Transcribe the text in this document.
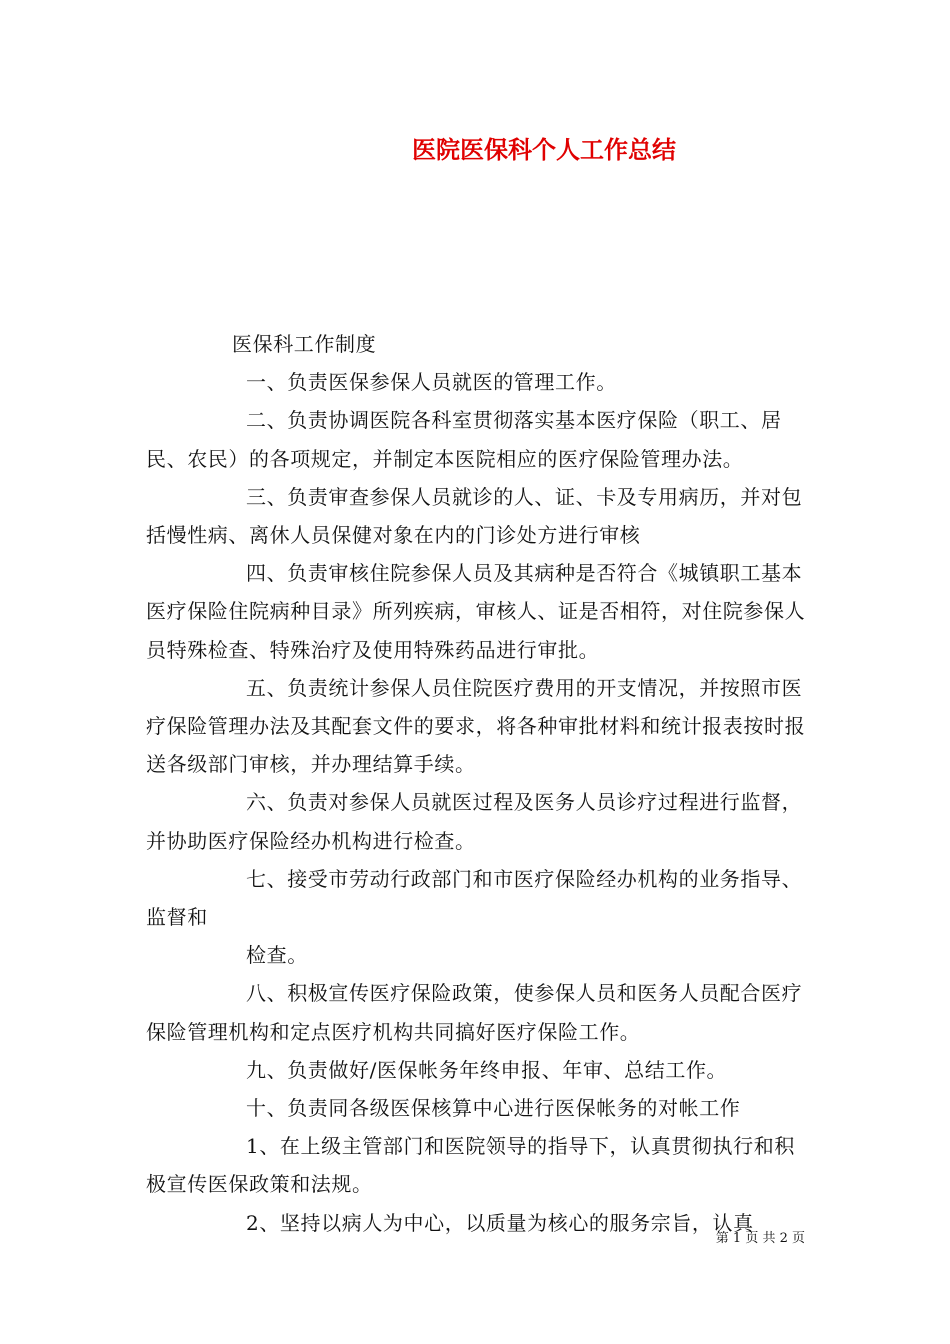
医院医保科个人工作总结

医保科工作制度

一、负责医保参保人员就医的管理工作。

二、负责协调医院各科室贯彻落实基本医疗保险（职工、居民、农民）的各项规定，并制定本医院相应的医疗保险管理办法。

三、负责审查参保人员就诊的人、证、卡及专用病历，并对包括慢性病、离休人员保健对象在内的门诊处方进行审核

四、负责审核住院参保人员及其病种是否符合《城镇职工基本医疗保险住院病种目录》所列疾病，审核人、证是否相符，对住院参保人员特殊检查、特殊治疗及使用特殊药品进行审批。

五、负责统计参保人员住院医疗费用的开支情况，并按照市医疗保险管理办法及其配套文件的要求，将各种审批材料和统计报表按时报送各级部门审核，并办理结算手续。

六、负责对参保人员就医过程及医务人员诊疗过程进行监督，并协助医疗保险经办机构进行检查。

七、接受市劳动行政部门和市医疗保险经办机构的业务指导、监督和

检查。

八、积极宣传医疗保险政策，使参保人员和医务人员配合医疗保险管理机构和定点医疗机构共同搞好医疗保险工作。

九、负责做好/医保帐务年终申报、年审、总结工作。

十、负责同各级医保核算中心进行医保帐务的对帐工作

1、在上级主管部门和医院领导的指导下，认真贯彻执行和积极宣传医保政策和法规。

2、坚持以病人为中心，以质量为核心的服务宗旨，认真

第 1 页 共 2 页
